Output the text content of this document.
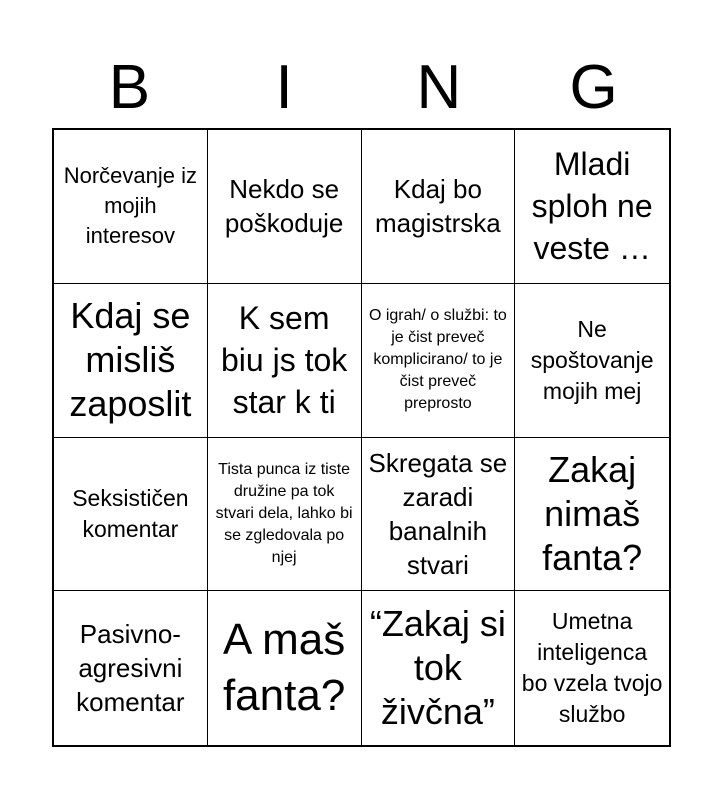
B	I	N	G
Norčevanje iz mojih interesov
Nekdo se poškoduje
Kdaj bo magistrska
Mladi sploh ne veste …
Kdaj se misliš zaposlit
K sem biu js tok star k ti
O igrah/ o službi: to je čist preveč komplicirano/ to je čist preveč preprosto
Ne spoštovanje mojih mej
Seksističen komentar
Tista punca iz tiste družine pa tok stvari dela, lahko bi se zgledovala po njej
Skregata se zaradi banalnih stvari
Zakaj nimaš fanta?
Pasivno-agresivni komentar
A maš fanta?
“Zakaj si tok živčna”
Umetna inteligenca bo vzela tvojo službo
